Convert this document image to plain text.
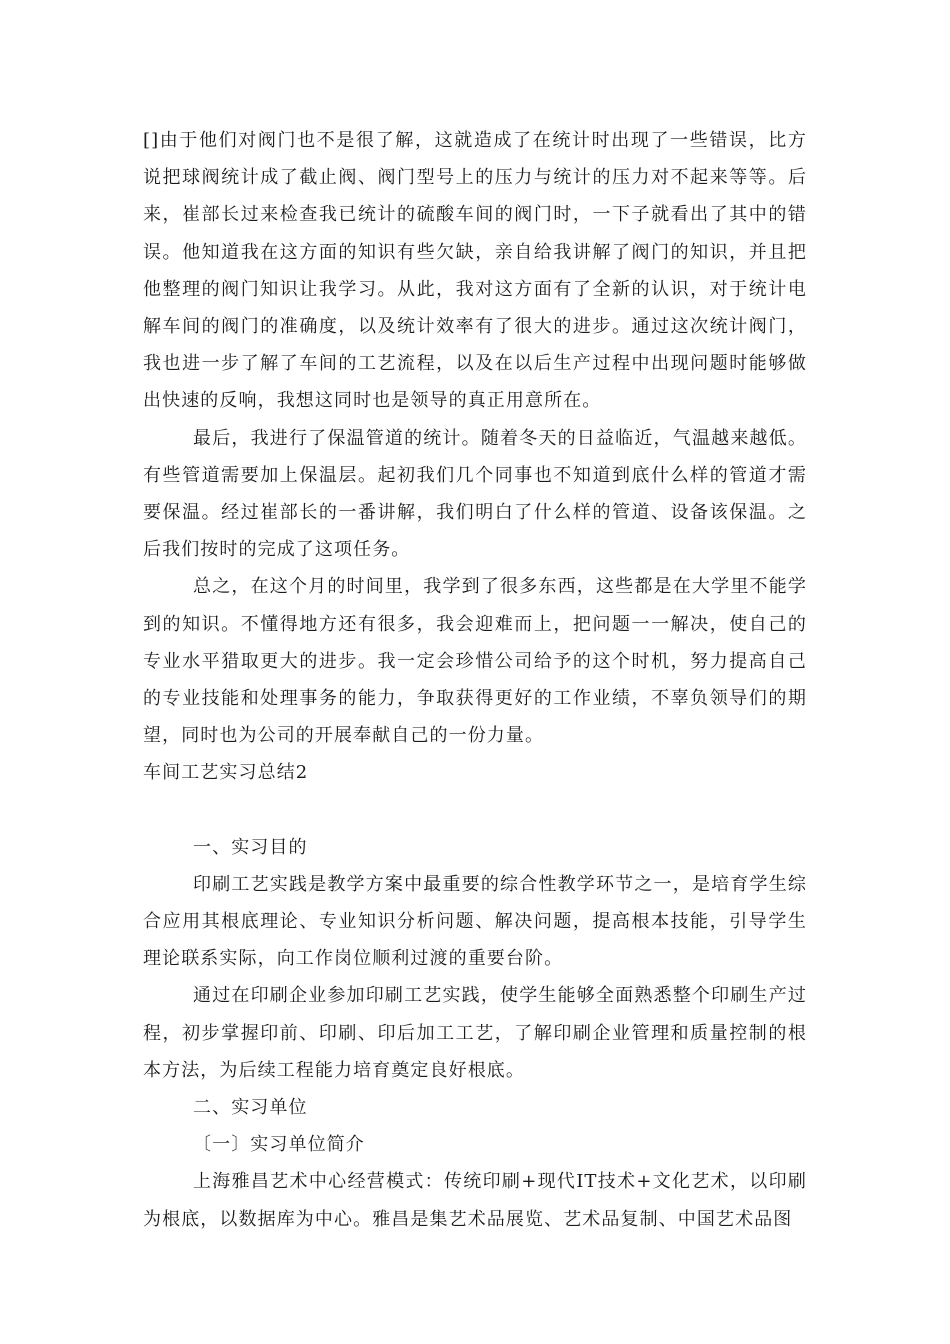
[]由于他们对阀门也不是很了解，这就造成了在统计时出现了一些错误，比方说把球阀统计成了截止阀、阀门型号上的压力与统计的压力对不起来等等。后来，崔部长过来检查我已统计的硫酸车间的阀门时，一下子就看出了其中的错误。他知道我在这方面的知识有些欠缺，亲自给我讲解了阀门的知识，并且把他整理的阀门知识让我学习。从此，我对这方面有了全新的认识，对于统计电解车间的阀门的准确度，以及统计效率有了很大的进步。通过这次统计阀门，我也进一步了解了车间的工艺流程，以及在以后生产过程中出现问题时能够做出快速的反响，我想这同时也是领导的真正用意所在。

最后，我进行了保温管道的统计。随着冬天的日益临近，气温越来越低。有些管道需要加上保温层。起初我们几个同事也不知道到底什么样的管道才需要保温。经过崔部长的一番讲解，我们明白了什么样的管道、设备该保温。之后我们按时的完成了这项任务。

总之，在这个月的时间里，我学到了很多东西，这些都是在大学里不能学到的知识。不懂得地方还有很多，我会迎难而上，把问题一一解决，使自己的专业水平猎取更大的进步。我一定会珍惜公司给予的这个时机，努力提高自己的专业技能和处理事务的能力，争取获得更好的工作业绩，不辜负领导们的期望，同时也为公司的开展奉献自己的一份力量。

车间工艺实习总结2

一、实习目的

印刷工艺实践是教学方案中最重要的综合性教学环节之一，是培育学生综合应用其根底理论、专业知识分析问题、解决问题，提高根本技能，引导学生理论联系实际，向工作岗位顺利过渡的重要台阶。

通过在印刷企业参加印刷工艺实践，使学生能够全面熟悉整个印刷生产过程，初步掌握印前、印刷、印后加工工艺，了解印刷企业管理和质量控制的根本方法，为后续工程能力培育奠定良好根底。

二、实习单位

〔一〕实习单位简介

上海雅昌艺术中心经营模式：传统印刷+现代IT技术+文化艺术，以印刷为根底，以数据库为中心。雅昌是集艺术品展览、艺术品复制、中国艺术品图
